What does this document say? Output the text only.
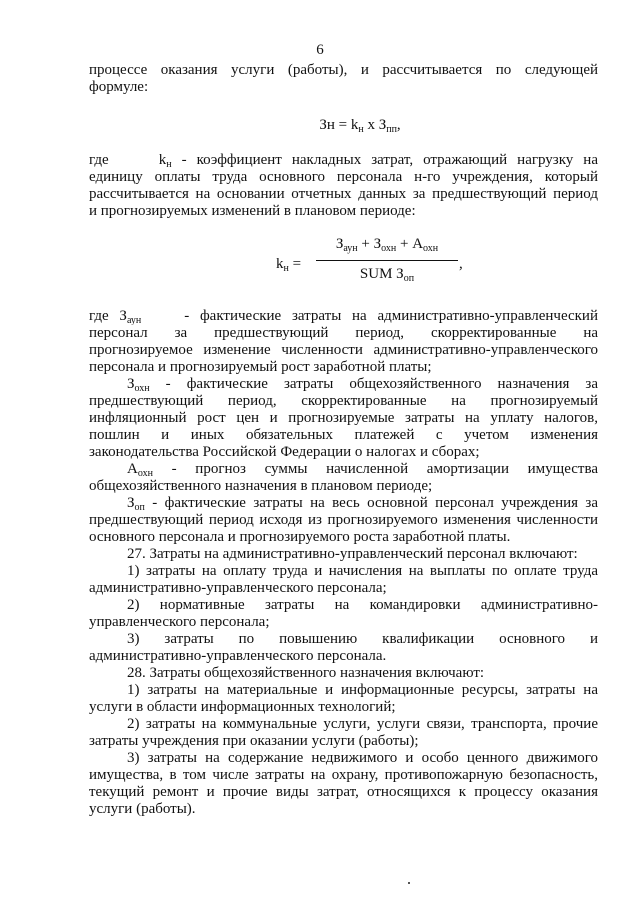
6
процессе оказания услуги (работы), и рассчитывается по следующей
формуле:
Зн = $k_н$ х $З_{пп}$,
где	$k_н$ - коэффициент накладных затрат, отражающий нагрузку на
единицу оплаты труда основного персонала н-го учреждения, который
рассчитывается на основании отчетных данных за предшествующий период
и прогнозируемых изменений в плановом периоде:
$k_н$ =
$З_{аун} + З_{охн} + А_{охн}$
SUM $З_{оп}$
,
где $З_{аун}$	- фактические затраты на административно-управленческий
персонал за предшествующий период, скорректированные на
прогнозируемое изменение численности административно-управленческого
персонала и прогнозируемый рост заработной платы;
$З_{охн}$ - фактические затраты общехозяйственного назначения за
предшествующий период, скорректированные на прогнозируемый
инфляционный рост цен и прогнозируемые затраты на уплату налогов,
пошлин и иных обязательных платежей с учетом изменения
законодательства Российской Федерации о налогах и сборах;
$А_{охн}$ - прогноз суммы начисленной амортизации имущества
общехозяйственного назначения в плановом периоде;
$З_{оп}$ - фактические затраты на весь основной персонал учреждения за
предшествующий период исходя из прогнозируемого изменения численности
основного персонала и прогнозируемого роста заработной платы.
27. Затраты на административно-управленческий персонал включают:
1) затраты на оплату труда и начисления на выплаты по оплате труда
административно-управленческого персонала;
2) нормативные затраты на командировки административно-
управленческого персонала;
3) затраты по повышению квалификации основного и
административно-управленческого персонала.
28. Затраты общехозяйственного назначения включают:
1) затраты на материальные и информационные ресурсы, затраты на
услуги в области информационных технологий;
2) затраты на коммунальные услуги, услуги связи, транспорта, прочие
затраты учреждения при оказании услуги (работы);
3) затраты на содержание недвижимого и особо ценного движимого
имущества, в том числе затраты на охрану, противопожарную безопасность,
текущий ремонт и прочие виды затрат, относящихся к процессу оказания
услуги (работы).
